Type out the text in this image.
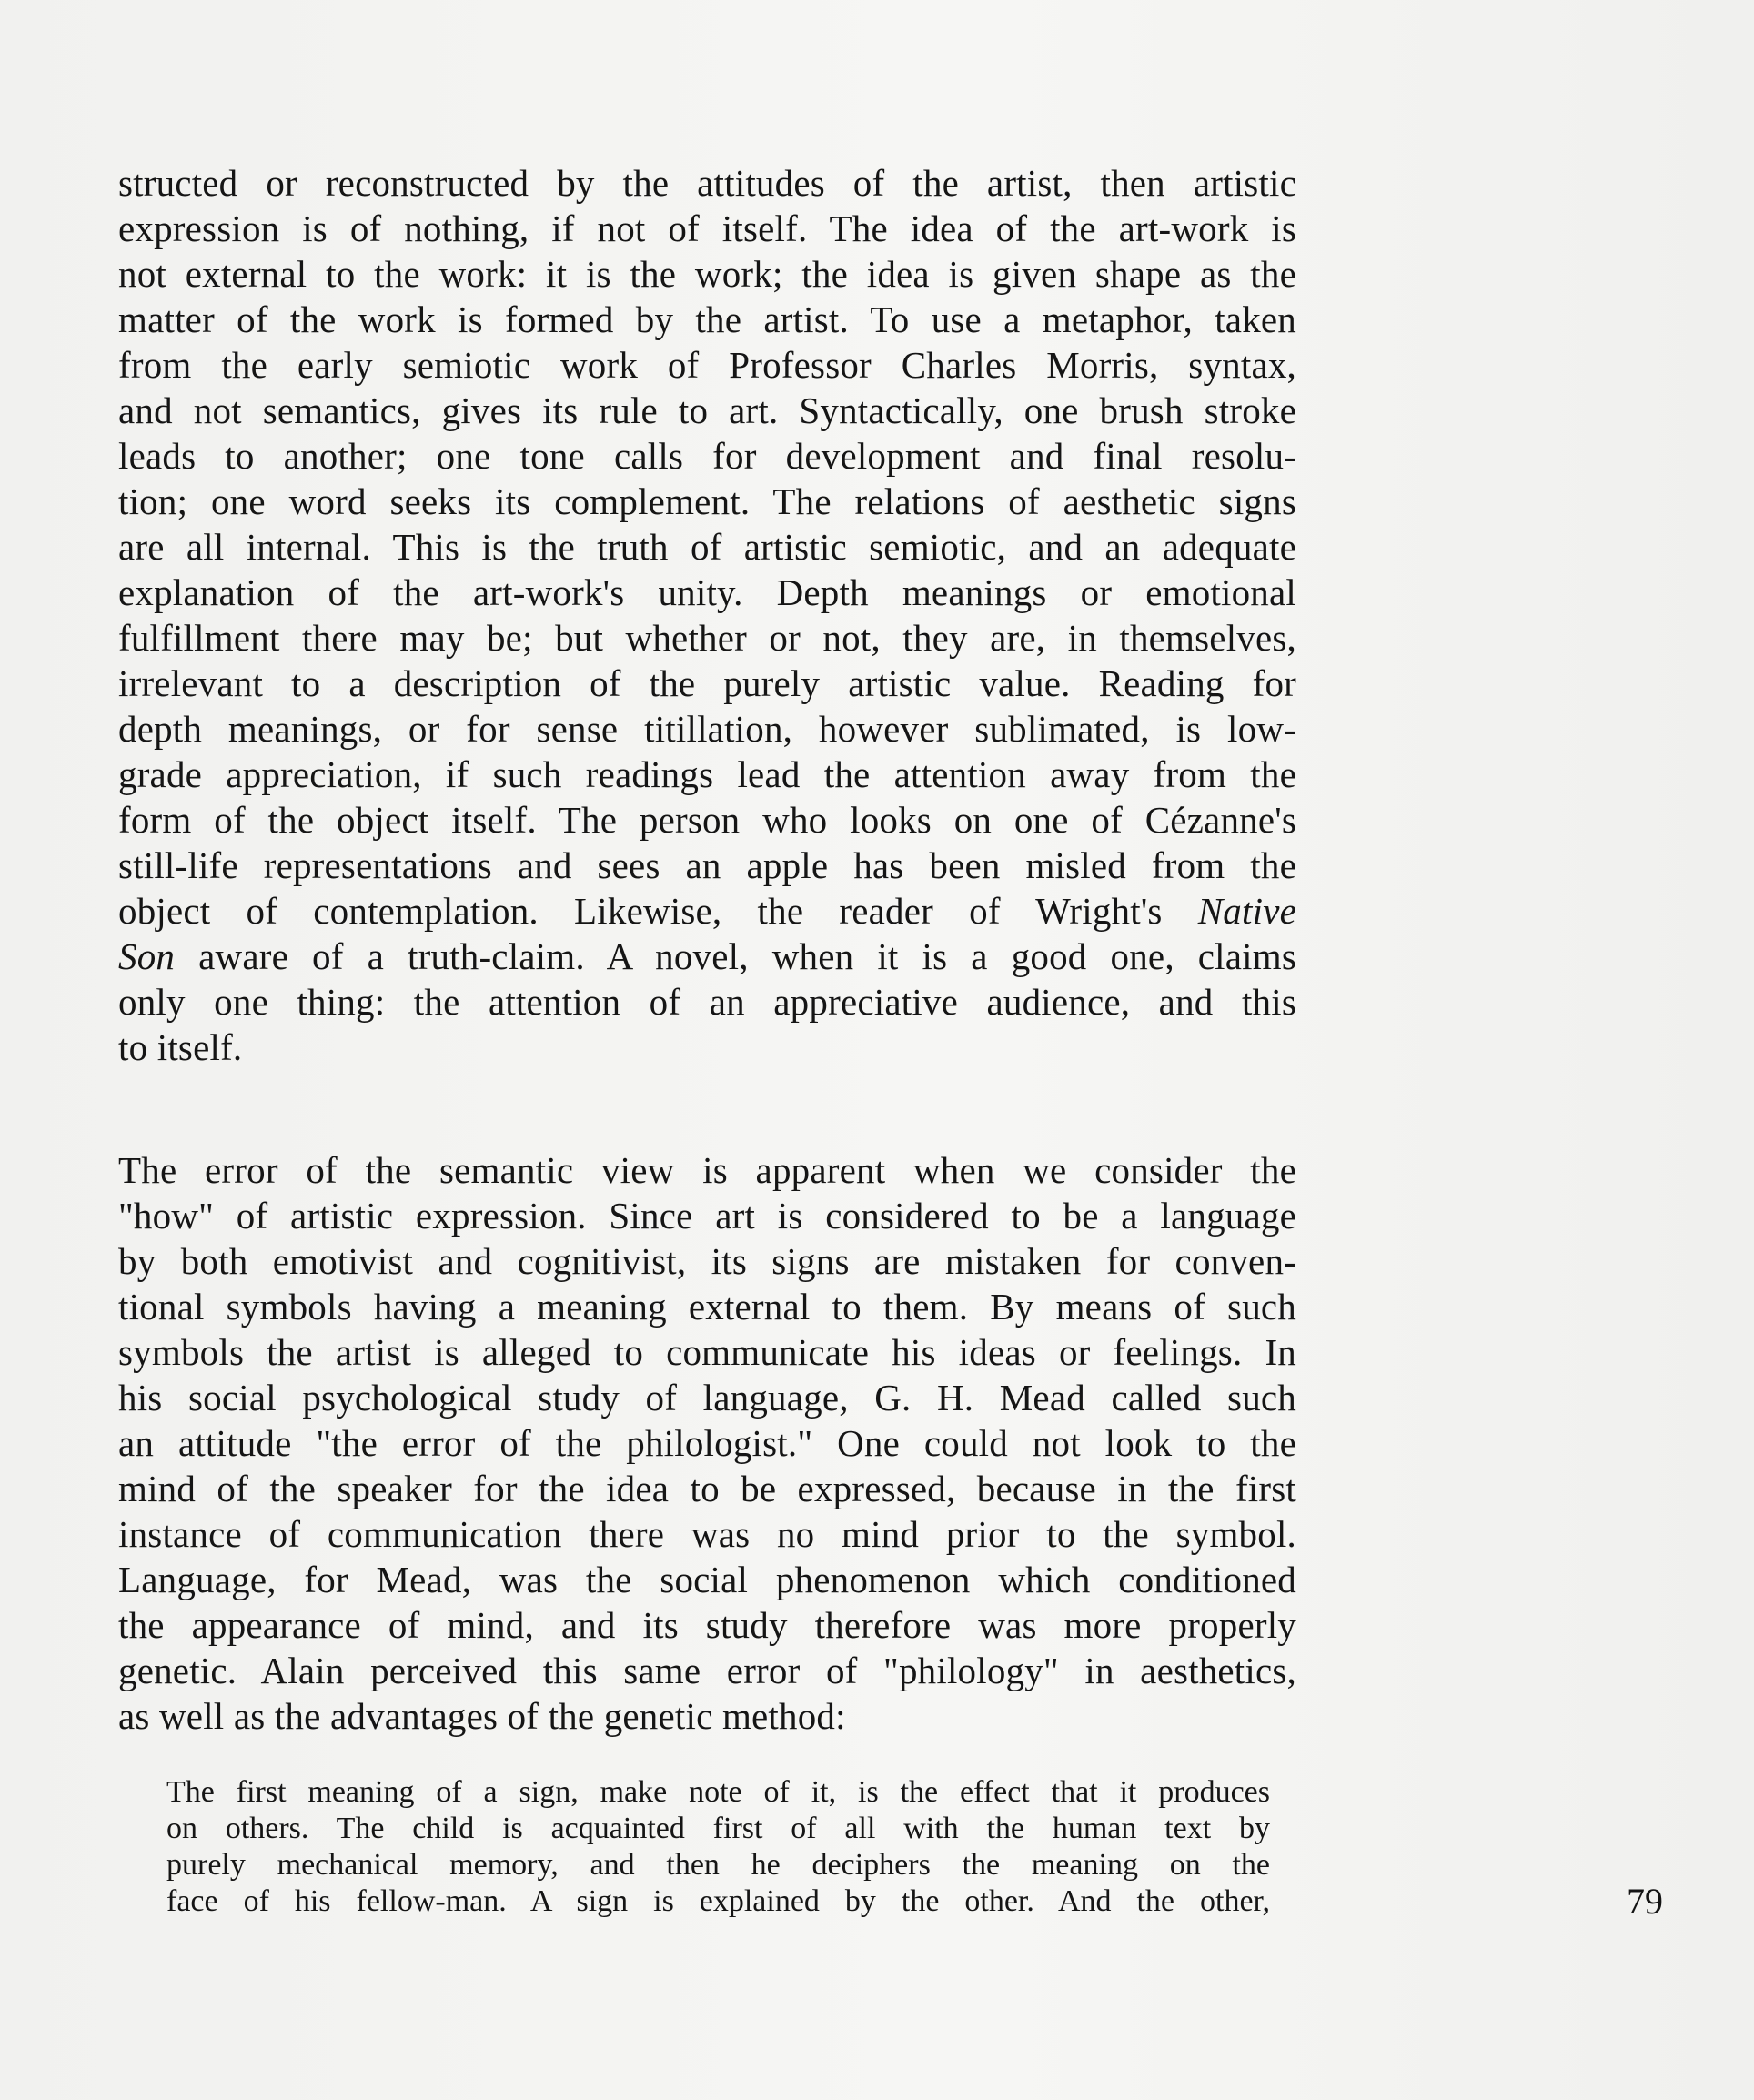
structed or reconstructed by the attitudes of the artist, then artistic
expression is of nothing, if not of itself. The idea of the art-work is
not external to the work: it is the work; the idea is given shape as the
matter of the work is formed by the artist. To use a metaphor, taken
from the early semiotic work of Professor Charles Morris, syntax,
and not semantics, gives its rule to art. Syntactically, one brush stroke
leads to another; one tone calls for development and final resolu-
tion; one word seeks its complement. The relations of aesthetic signs
are all internal. This is the truth of artistic semiotic, and an adequate
explanation of the art-work's unity. Depth meanings or emotional
fulfillment there may be; but whether or not, they are, in themselves,
irrelevant to a description of the purely artistic value. Reading for
depth meanings, or for sense titillation, however sublimated, is low-
grade appreciation, if such readings lead the attention away from the
form of the object itself. The person who looks on one of Cézanne's
still-life representations and sees an apple has been misled from the
object of contemplation. Likewise, the reader of Wright's Native
Son aware of a truth-claim. A novel, when it is a good one, claims
only one thing: the attention of an appreciative audience, and this
to itself.
The error of the semantic view is apparent when we consider the
"how" of artistic expression. Since art is considered to be a language
by both emotivist and cognitivist, its signs are mistaken for conven-
tional symbols having a meaning external to them. By means of such
symbols the artist is alleged to communicate his ideas or feelings. In
his social psychological study of language, G. H. Mead called such
an attitude "the error of the philologist." One could not look to the
mind of the speaker for the idea to be expressed, because in the first
instance of communication there was no mind prior to the symbol.
Language, for Mead, was the social phenomenon which conditioned
the appearance of mind, and its study therefore was more properly
genetic. Alain perceived this same error of "philology" in aesthetics,
as well as the advantages of the genetic method:
The first meaning of a sign, make note of it, is the effect that it produces
on others. The child is acquainted first of all with the human text by
purely mechanical memory, and then he deciphers the meaning on the
face of his fellow-man. A sign is explained by the other. And the other,	79
